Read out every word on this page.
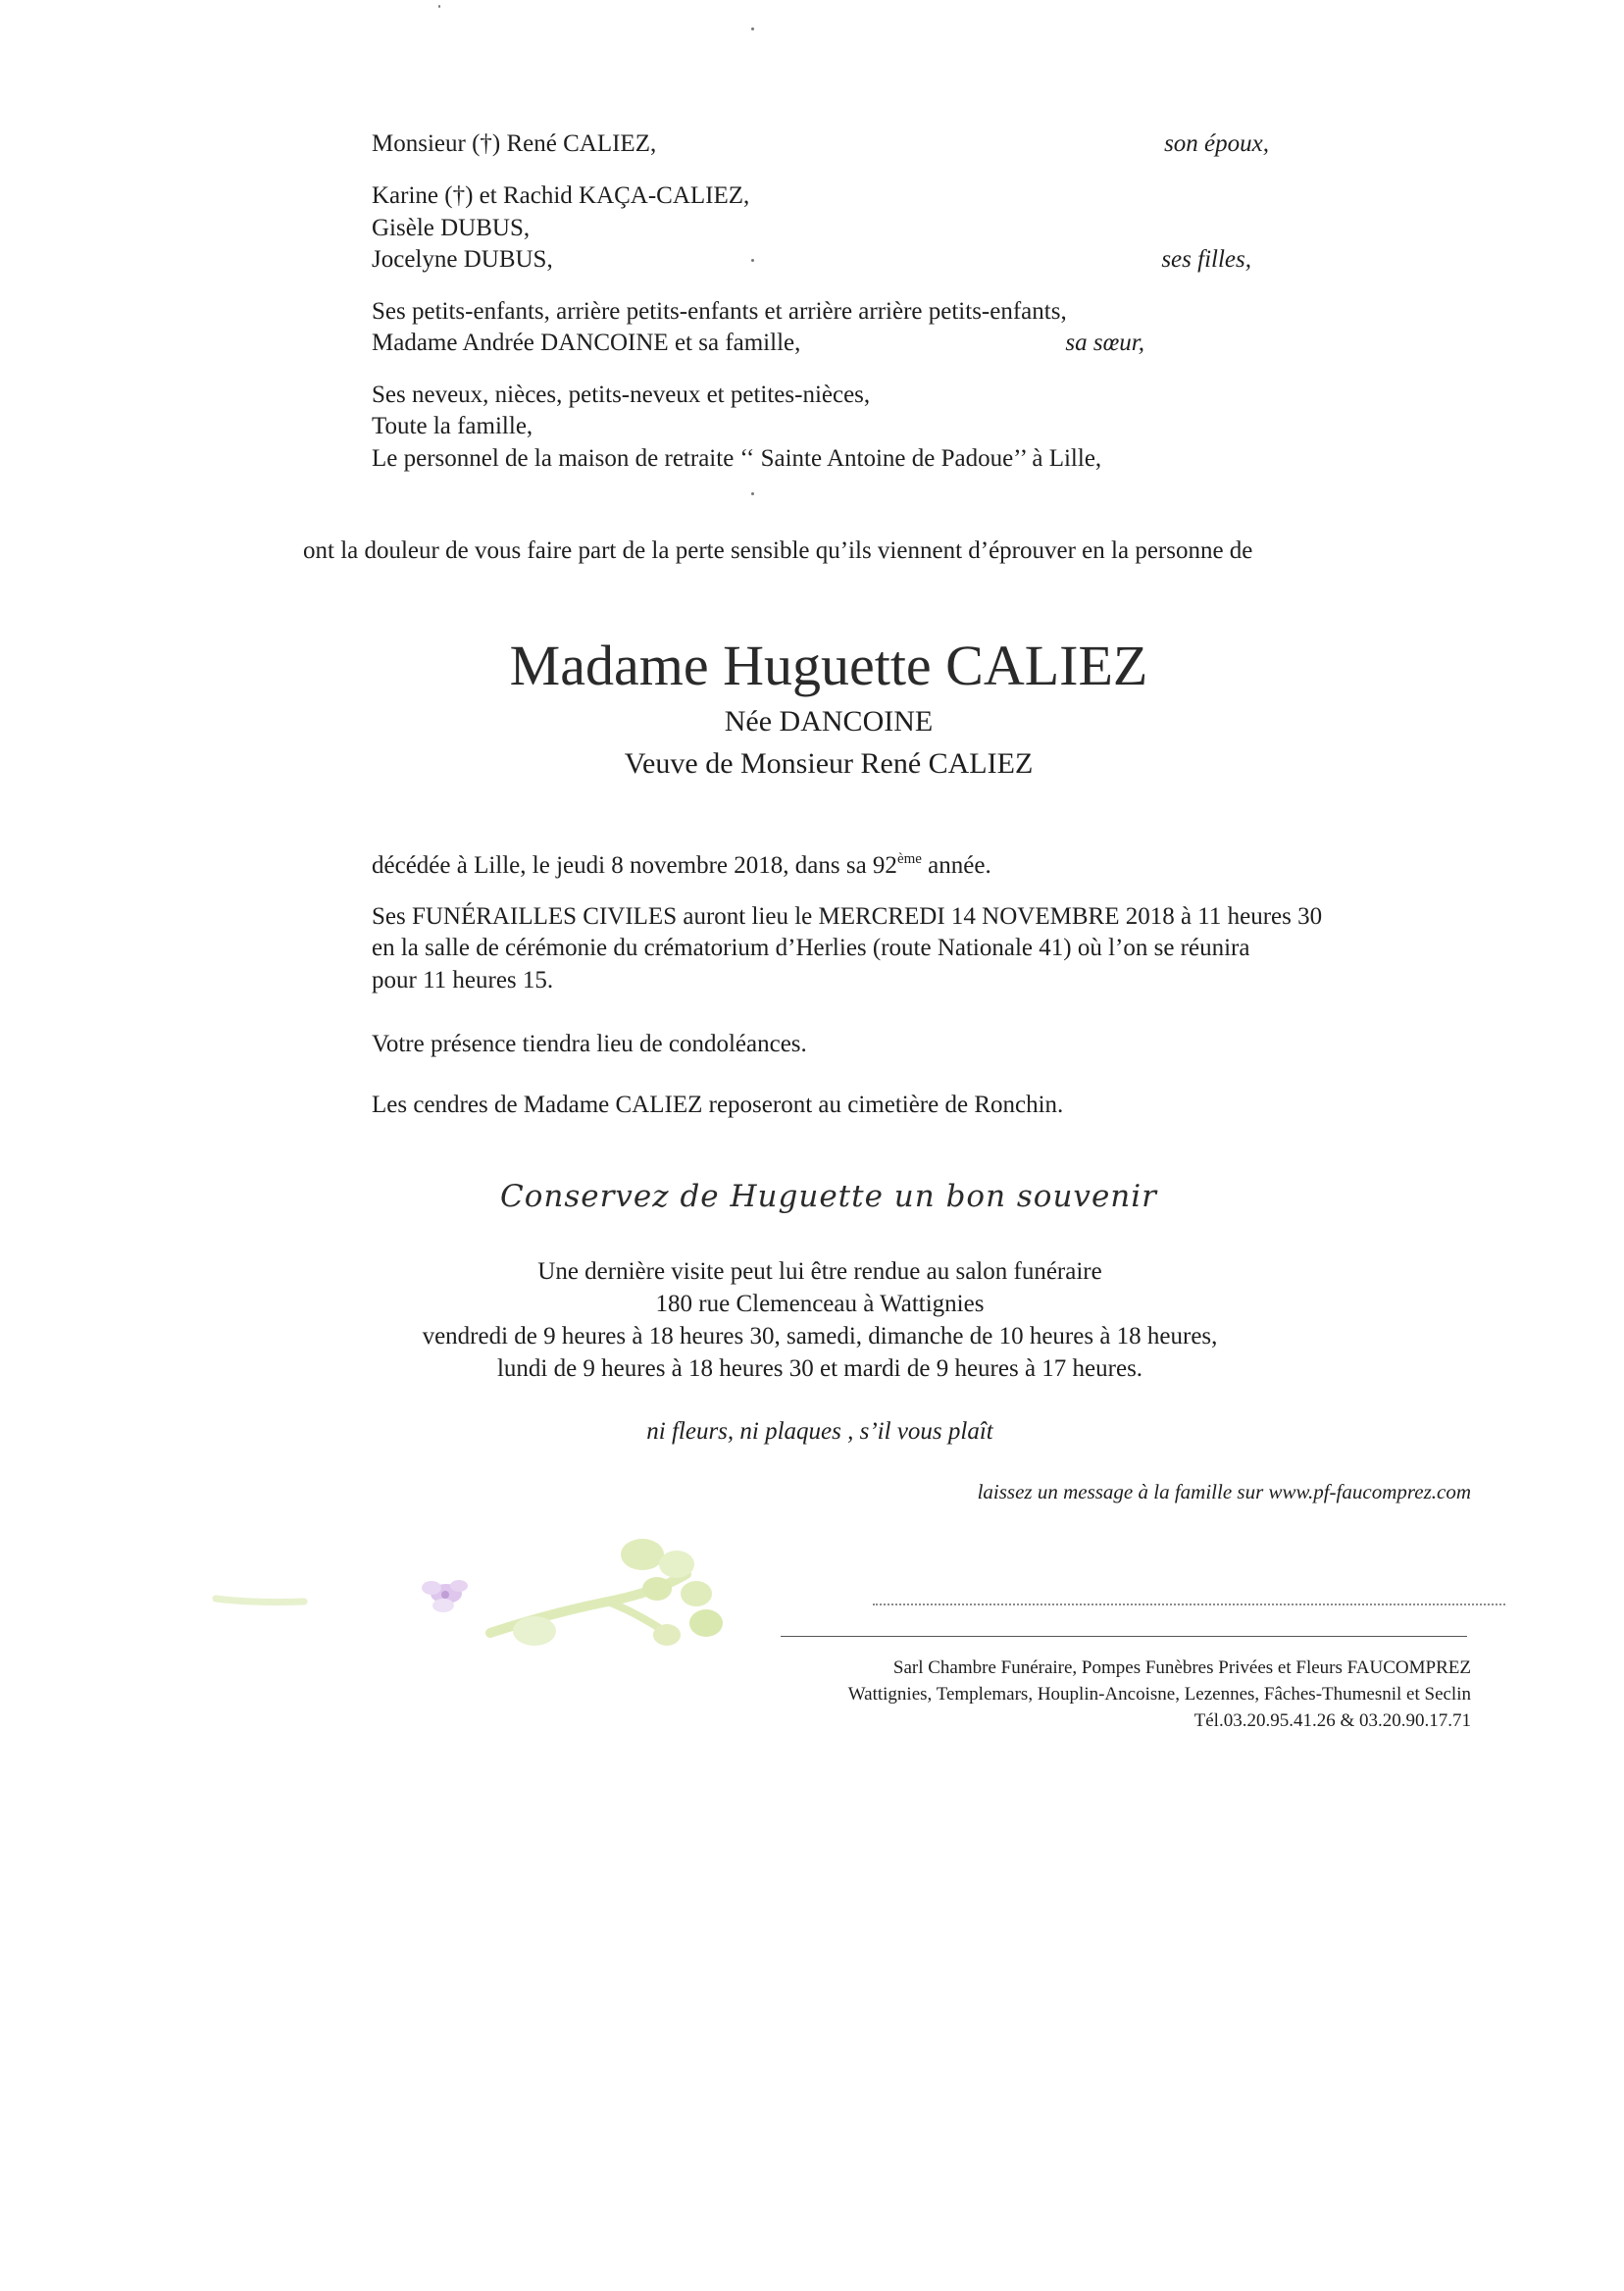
Monsieur (†) René CALIEZ,	son époux,
Karine (†) et Rachid KAÇA-CALIEZ,
Gisèle DUBUS,
Jocelyne DUBUS,	ses filles,
Ses petits-enfants, arrière petits-enfants et arrière arrière petits-enfants,
Madame Andrée DANCOINE et sa famille,	sa sœur,
Ses neveux, nièces, petits-neveux et petites-nièces,
Toute la famille,
Le personnel de la maison de retraite ‘‘ Sainte Antoine de Padoue’’ à Lille,
ont la douleur de vous faire part de la perte sensible qu’ils viennent d’éprouver en la personne de
Madame Huguette CALIEZ
Née DANCOINE
Veuve de Monsieur René CALIEZ
décédée à Lille, le jeudi 8 novembre 2018, dans sa 92ème année.
Ses FUNÉRAILLES CIVILES auront lieu le MERCREDI 14 NOVEMBRE 2018 à 11 heures 30
en la salle de cérémonie du crématorium d’Herlies (route Nationale 41) où l’on se réunira
pour 11 heures 15.
Votre présence tiendra lieu de condoléances.
Les cendres de Madame CALIEZ reposeront au cimetière de Ronchin.
Conservez de Huguette un bon souvenir
Une dernière visite peut lui être rendue au salon funéraire
180 rue Clemenceau à Wattignies
vendredi de 9 heures à 18 heures 30, samedi, dimanche de 10 heures à 18 heures,
lundi de 9 heures à 18 heures 30 et mardi de 9 heures à 17 heures.
ni fleurs, ni plaques , s’il vous plaît
laissez un message à la famille sur www.pf-faucomprez.com
Sarl Chambre Funéraire, Pompes Funèbres Privées et Fleurs FAUCOMPREZ
Wattignies, Templemars, Houplin-Ancoisne, Lezennes, Fâches-Thumesnil et Seclin
Tél.03.20.95.41.26 & 03.20.90.17.71
